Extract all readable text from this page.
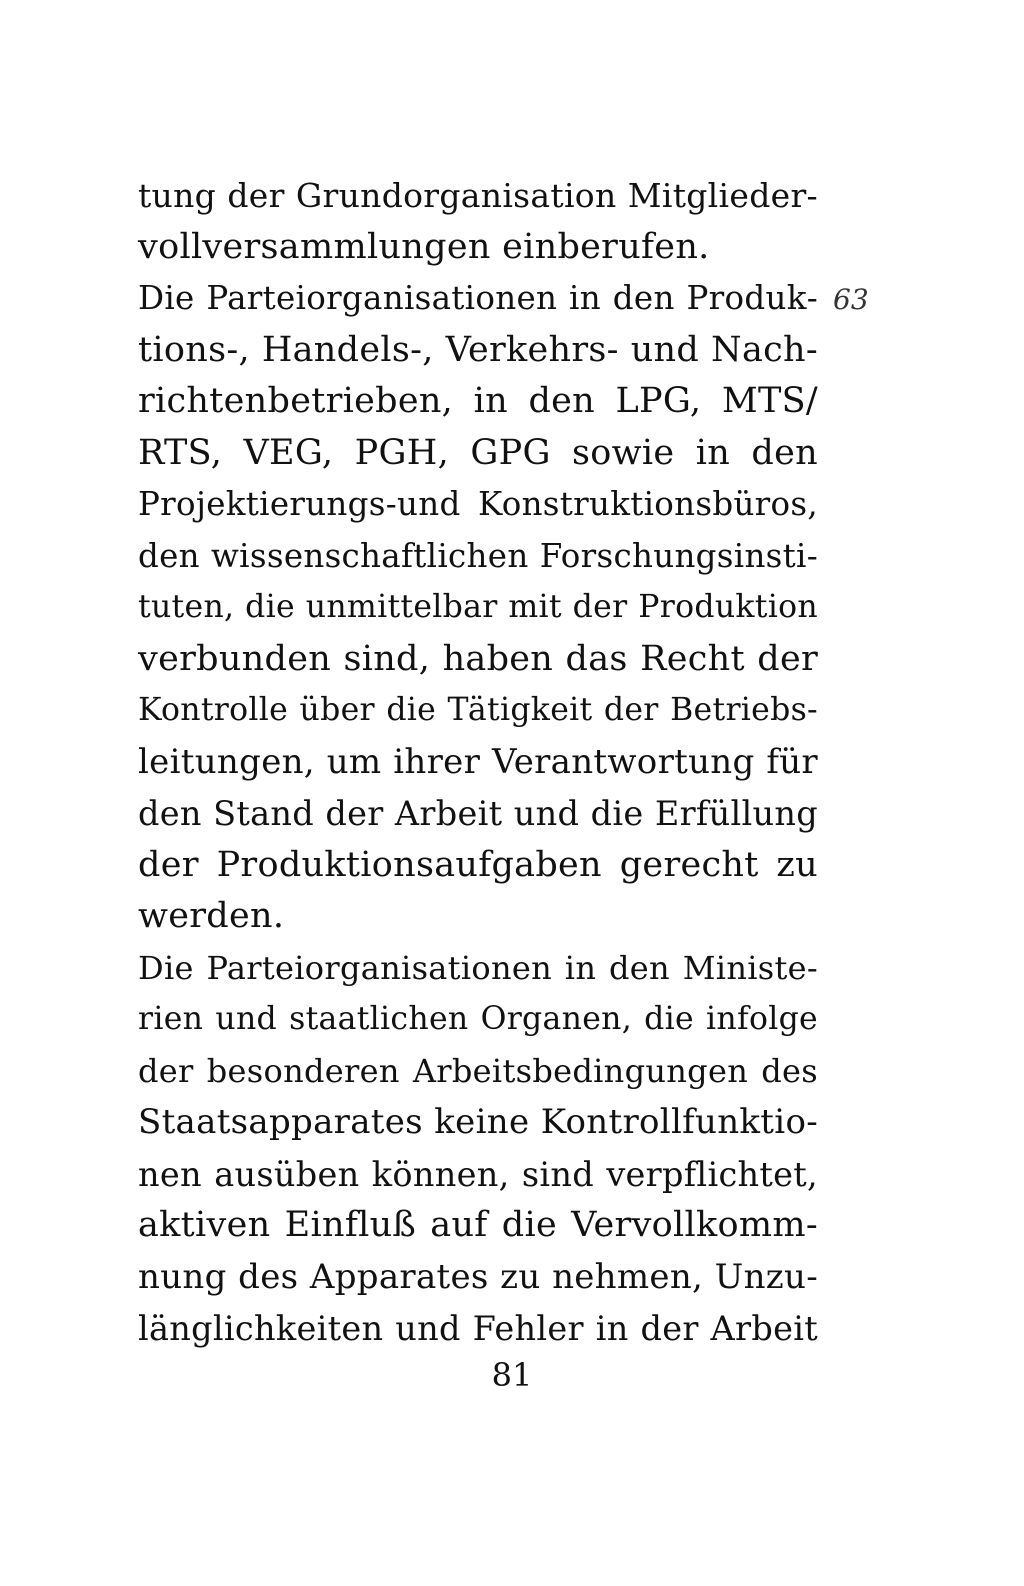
63
tung der Grundorganisation Mitglieder‐
vollversammlungen einberufen.
Die Parteiorganisationen in den Produk‐
tions‐, Handels‐, Verkehrs‐ und Nach‐
richtenbetrieben, in den LPG, MTS/
RTS, VEG, PGH, GPG sowie in den
Projektierungs‐und Konstruktionsbüros,
den wissenschaftlichen Forschungsinsti‐
tuten, die unmittelbar mit der Produktion
verbunden sind, haben das Recht der
Kontrolle über die Tätigkeit der Betriebs‐
leitungen, um ihrer Verantwortung für
den Stand der Arbeit und die Erfüllung
der Produktionsaufgaben gerecht zu
werden.
Die Parteiorganisationen in den Ministe‐
rien und staatlichen Organen, die infolge
der besonderen Arbeitsbedingungen des
Staatsapparates keine Kontrollfunktio‐
nen ausüben können, sind verpflichtet,
aktiven Einfluß auf die Vervollkomm‐
nung des Apparates zu nehmen, Unzu‐
länglichkeiten und Fehler in der Arbeit
81
